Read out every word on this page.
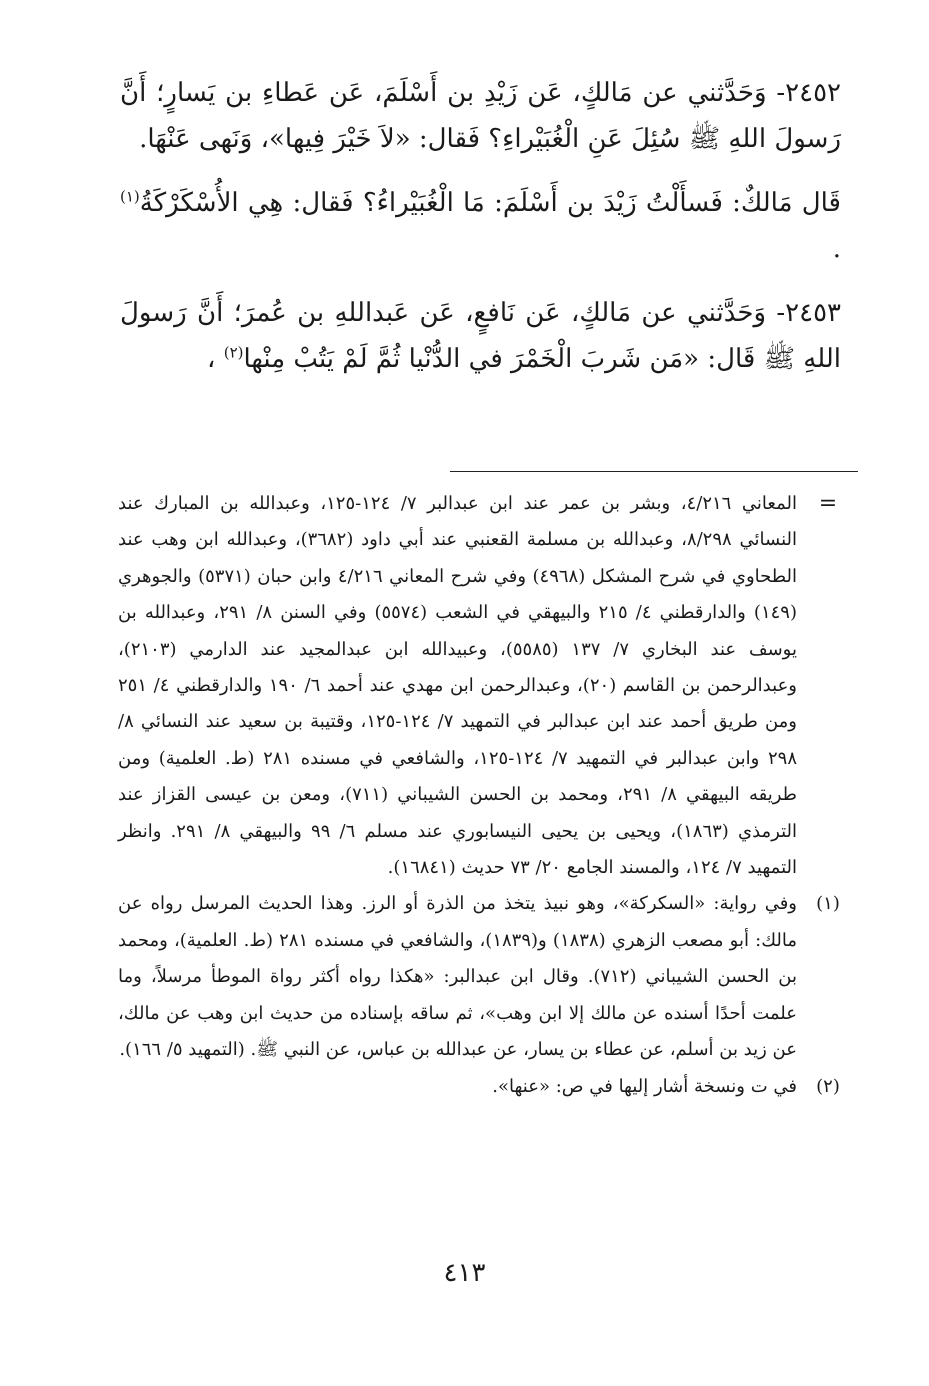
٢٤٥٢- وَحَدَّثني عن مَالكٍ، عَن زَيْدِ بن أَسْلَمَ، عَن عَطاءِ بن يَسارٍ؛ أَنَّ رَسولَ اللهِ ﷺ سُئِلَ عَنِ الْغُبَيْراءِ؟ فَقال: «لاَ خَيْرَ فِيها»، وَنَهى عَنْهَا.

قَال مَالكٌ: فَسأَلْتُ زَيْدَ بن أَسْلَمَ: مَا الْغُبَيْراءُ؟ فَقال: هِي الأُسْكَرْكَةُ$^{(١)}$ .

٢٤٥٣- وَحَدَّثني عن مَالكٍ، عَن نَافعٍ، عَن عَبداللهِ بن عُمرَ؛ أَنَّ رَسولَ اللهِ ﷺ قَال: «مَن شَربَ الْخَمْرَ في الدُّنْيا ثُمَّ لَمْ يَتُبْ مِنْها$^{(٢)}$ ،

=
المعاني ٤/٢١٦، وبشر بن عمر عند ابن عبدالبر ٧/ ١٢٤-١٢٥، وعبدالله بن المبارك عند النسائي ٨/٢٩٨، وعبدالله بن مسلمة القعنبي عند أبي داود (٣٦٨٢)، وعبدالله ابن وهب عند الطحاوي في شرح المشكل (٤٩٦٨) وفي شرح المعاني ٤/٢١٦ وابن حبان (٥٣٧١) والجوهري (١٤٩) والدارقطني ٤/ ٢١٥ والبيهقي في الشعب (٥٥٧٤) وفي السنن ٨/ ٢٩١، وعبدالله بن يوسف عند البخاري ٧/ ١٣٧ (٥٥٨٥)، وعبيدالله ابن عبدالمجيد عند الدارمي (٢١٠٣)، وعبدالرحمن بن القاسم (٢٠)، وعبدالرحمن ابن مهدي عند أحمد ٦/ ١٩٠ والدارقطني ٤/ ٢٥١ ومن طريق أحمد عند ابن عبدالبر في التمهيد ٧/ ١٢٤-١٢٥، وقتيبة بن سعيد عند النسائي ٨/ ٢٩٨ وابن عبدالبر في التمهيد ٧/ ١٢٤-١٢٥، والشافعي في مسنده ٢٨١ (ط. العلمية) ومن طريقه البيهقي ٨/ ٢٩١، ومحمد بن الحسن الشيباني (٧١١)، ومعن بن عيسى القزاز عند الترمذي (١٨٦٣)، ويحيى بن يحيى النيسابوري عند مسلم ٦/ ٩٩ والبيهقي ٨/ ٢٩١. وانظر التمهيد ٧/ ١٢٤، والمسند الجامع ٢٠/ ٧٣ حديث (١٦٨٤١).
(١)
وفي رواية: «السكركة»، وهو نبيذ يتخذ من الذرة أو الرز. وهذا الحديث المرسل رواه عن مالك: أبو مصعب الزهري (١٨٣٨) و(١٨٣٩)، والشافعي في مسنده ٢٨١ (ط. العلمية)، ومحمد بن الحسن الشيباني (٧١٢). وقال ابن عبدالبر: «هكذا رواه أكثر رواة الموطأ مرسلاً، وما علمت أحدًا أسنده عن مالك إلا ابن وهب»، ثم ساقه بإسناده من حديث ابن وهب عن مالك، عن زيد بن أسلم، عن عطاء بن يسار، عن عبدالله بن عباس، عن النبي ﷺ. (التمهيد ٥/ ١٦٦).
(٢)
في ت ونسخة أشار إليها في ص: «عنها».
٤١٣
